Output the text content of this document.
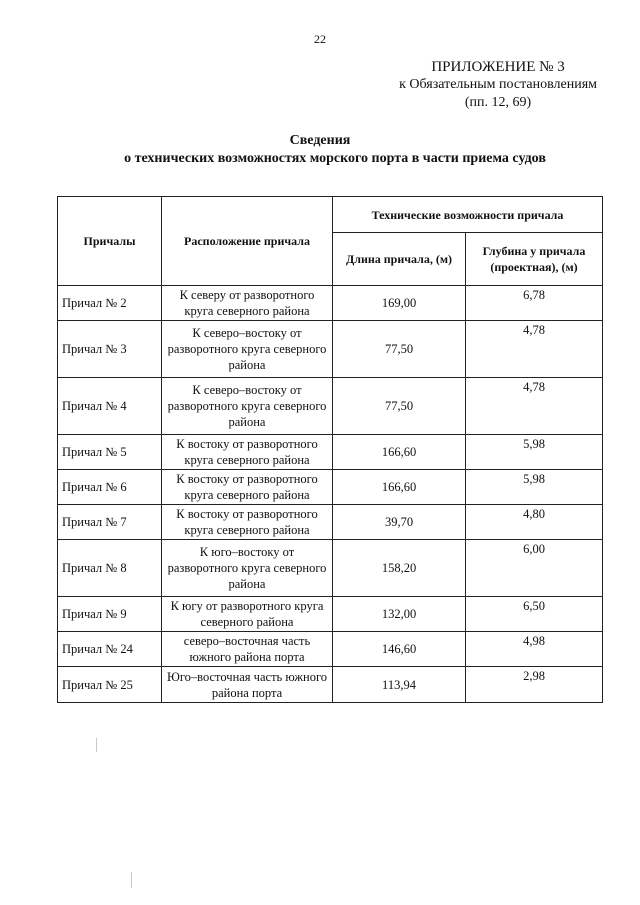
22
ПРИЛОЖЕНИЕ № 3
к Обязательным постановлениям
(пп. 12, 69)
Сведения
о технических возможностях морского порта в части приема судов
Причалы	Расположение причала	Технические возможности причала	
		Длина причала, (м)	Глубина у причала (проектная), (м)
Причал № 2	К северу от разворотного круга северного района	169,00	6,78
Причал № 3	К северо–востоку от разворотного круга северного района	77,50	4,78
Причал № 4	К северо–востоку от разворотного круга северного района	77,50	4,78
Причал № 5	К востоку от разворотного круга северного района	166,60	5,98
Причал № 6	К востоку от разворотного круга северного района	166,60	5,98
Причал № 7	К востоку от разворотного круга северного района	39,70	4,80
Причал № 8	К юго–востоку от разворотного круга северного района	158,20	6,00
Причал № 9	К югу от разворотного круга северного района	132,00	6,50
Причал № 24	северо–восточная часть южного района порта	146,60	4,98
Причал № 25	Юго–восточная часть южного района порта	113,94	2,98
